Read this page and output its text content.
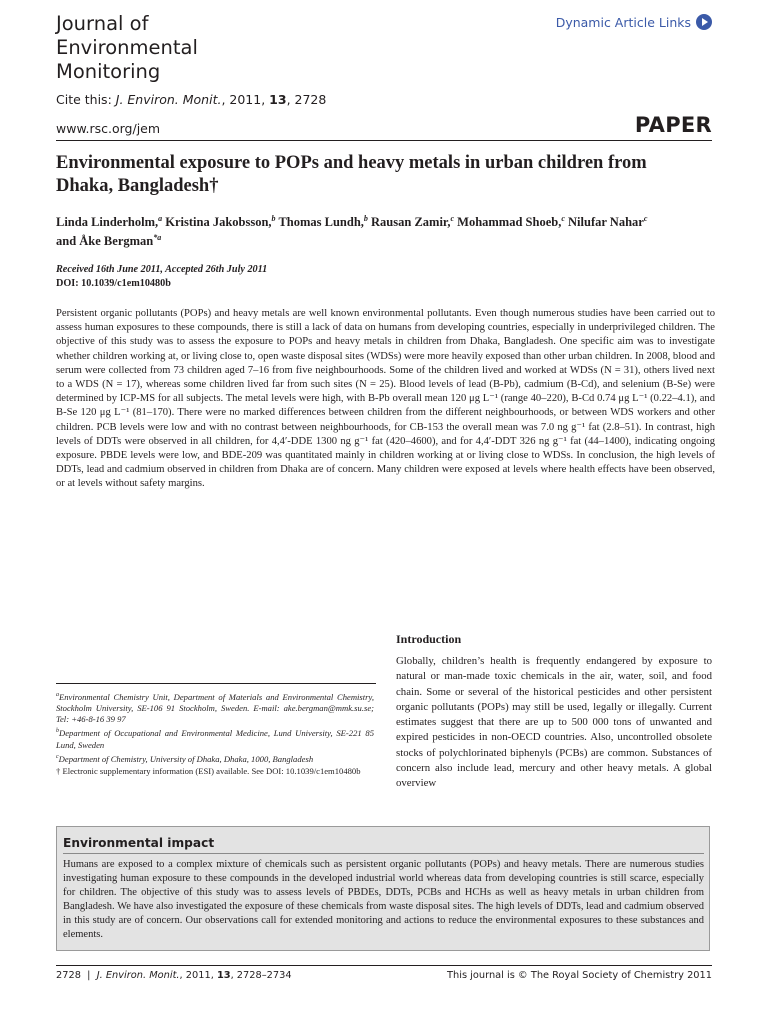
Journal of
Environmental
Monitoring
Dynamic Article Links
Cite this: J. Environ. Monit., 2011, 13, 2728
www.rsc.org/jem	PAPER
Environmental exposure to POPs and heavy metals in urban children from
Dhaka, Bangladesh†
Linda Linderholm,$^a$ Kristina Jakobsson,$^b$ Thomas Lundh,$^b$ Rausan Zamir,$^c$ Mohammad Shoeb,$^c$ Nilufar Nahar$^c$
and Åke Bergman$^{*a}$
Received 16th June 2011, Accepted 26th July 2011
DOI: 10.1039/c1em10480b
Persistent organic pollutants (POPs) and heavy metals are well known environmental pollutants. Even though numerous studies have been carried out to assess human exposures to these compounds, there is still a lack of data on humans from developing countries, especially in underprivileged children. The objective of this study was to assess the exposure to POPs and heavy metals in children from Dhaka, Bangladesh. One specific aim was to investigate whether children working at, or living close to, open waste disposal sites (WDSs) were more heavily exposed than other urban children. In 2008, blood and serum were collected from 73 children aged 7–16 from five neighbourhoods. Some of the children lived and worked at WDSs (N = 31), others lived next to a WDS (N = 17), whereas some children lived far from such sites (N = 25). Blood levels of lead (B-Pb), cadmium (B-Cd), and selenium (B-Se) were determined by ICP-MS for all subjects. The metal levels were high, with B-Pb overall mean 120 μg L⁻¹ (range 40–220), B-Cd 0.74 μg L⁻¹ (0.22–4.1), and B-Se 120 μg L⁻¹ (81–170). There were no marked differences between children from the different neighbourhoods, or between WDS workers and other children. PCB levels were low and with no contrast between neighbourhoods, for CB-153 the overall mean was 7.0 ng g⁻¹ fat (2.8–51). In contrast, high levels of DDTs were observed in all children, for 4,4′-DDE 1300 ng g⁻¹ fat (420–4600), and for 4,4′-DDT 326 ng g⁻¹ fat (44–1400), indicating ongoing exposure. PBDE levels were low, and BDE-209 was quantitated mainly in children working at or living close to WDSs. In conclusion, the high levels of DDTs, lead and cadmium observed in children from Dhaka are of concern. Many children were exposed at levels where health effects have been observed, or at levels without safety margins.
Introduction
Globally, children’s health is frequently endangered by exposure to natural or man-made toxic chemicals in the air, water, soil, and food chain. Some or several of the historical pesticides and other persistent organic pollutants (POPs) may still be used, legally or illegally. Current estimates suggest that there are up to 500 000 tons of unwanted and expired pesticides in non-OECD countries. Also, uncontrolled obsolete stocks of polychlorinated biphenyls (PCBs) are common. Substances of concern also include lead, mercury and other heavy metals. A global overview
$^a$Environmental Chemistry Unit, Department of Materials and Environmental Chemistry, Stockholm University, SE-106 91 Stockholm, Sweden. E-mail: ake.bergman@mmk.su.se; Tel: +46-8-16 39 97
$^b$Department of Occupational and Environmental Medicine, Lund University, SE-221 85 Lund, Sweden
$^c$Department of Chemistry, University of Dhaka, Dhaka, 1000, Bangladesh
† Electronic supplementary information (ESI) available. See DOI: 10.1039/c1em10480b
Environmental impact
Humans are exposed to a complex mixture of chemicals such as persistent organic pollutants (POPs) and heavy metals. There are numerous studies investigating human exposure to these compounds in the developed industrial world whereas data from developing countries is still scarce, especially for children. The objective of this study was to assess levels of PBDEs, DDTs, PCBs and HCHs as well as heavy metals in urban children from Bangladesh. We have also investigated the exposure of these chemicals from waste disposal sites. The high levels of DDTs, lead and cadmium observed in this study are of concern. Our observations call for extended monitoring and actions to reduce the environmental exposures to these substances and elements.
2728  |  J. Environ. Monit., 2011, 13, 2728–2734	This journal is © The Royal Society of Chemistry 2011
